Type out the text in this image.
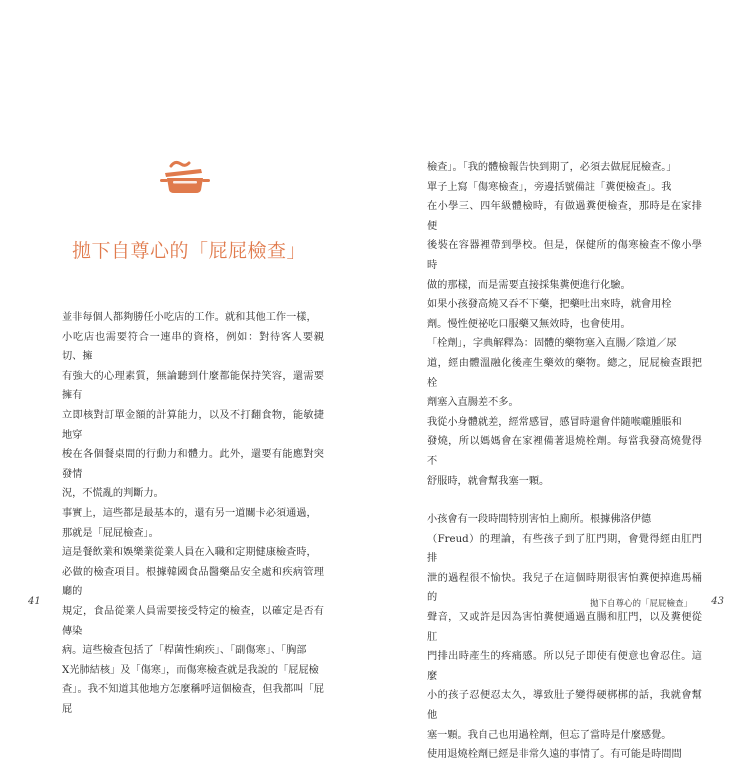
拋下自尊心的「屁屁檢查」

並非每個人都夠勝任小吃店的工作。就和其他工作一樣，
小吃店也需要符合一連串的資格，例如：對待客人要親切、擁
有強大的心理素質，無論聽到什麼都能保持笑容，還需要擁有
立即核對訂單金額的計算能力，以及不打翻食物，能敏捷地穿
梭在各個餐桌間的行動力和體力。此外，還要有能應對突發情
況，不慌亂的判斷力。

事實上，這些都是最基本的，還有另一道關卡必須通過，
那就是「屁屁檢查」。

這是餐飲業和娛樂業從業人員在入職和定期健康檢查時，
必做的檢查項目。根據韓國食品醫藥品安全處和疾病管理廳的
規定，食品從業人員需要接受特定的檢查，以確定是否有傳染
病。這些檢查包括了「桿菌性痢疾」、「副傷寒」、「胸部
X光肺結核」及「傷寒」，而傷寒檢查就是我說的「屁屁檢
查」。我不知道其他地方怎麼稱呼這個檢查，但我都叫「屁屁

41

檢查」。「我的體檢報告快到期了，必須去做屁屁檢查。」

單子上寫「傷寒檢查」，旁邊括號備註「糞便檢查」。我
在小學三、四年級體檢時，有做過糞便檢查，那時是在家排便
後裝在容器裡帶到學校。但是，保健所的傷寒檢查不像小學時
做的那樣，而是需要直接採集糞便進行化驗。

如果小孩發高燒又吞不下藥，把藥吐出來時，就會用栓
劑。慢性便祕吃口服藥又無效時，也會使用。

「栓劑」，字典解釋為：固體的藥物塞入直腸／陰道／尿
道，經由體溫融化後產生藥效的藥物。總之，屁屁檢查跟把栓
劑塞入直腸差不多。

我從小身體就差，經常感冒，感冒時還會伴隨喉嚨腫脹和
發燒，所以媽媽會在家裡備著退燒栓劑。每當我發高燒覺得不
舒服時，就會幫我塞一顆。

小孩會有一段時間特別害怕上廁所。根據佛洛伊德
（Freud）的理論，有些孩子到了肛門期，會覺得經由肛門排
泄的過程很不愉快。我兒子在這個時期很害怕糞便掉進馬桶的
聲音，又或許是因為害怕糞便通過直腸和肛門，以及糞便從肛
門排出時產生的疼痛感。所以兒子即使有便意也會忍住。這麼
小的孩子忍便忍太久，導致肚子變得硬梆梆的話，我就會幫他
塞一顆。我自己也用過栓劑，但忘了當時是什麼感覺。

使用退燒栓劑已經是非常久遠的事情了。有可能是時間間

拋下自尊心的「屁屁檢查」 43
